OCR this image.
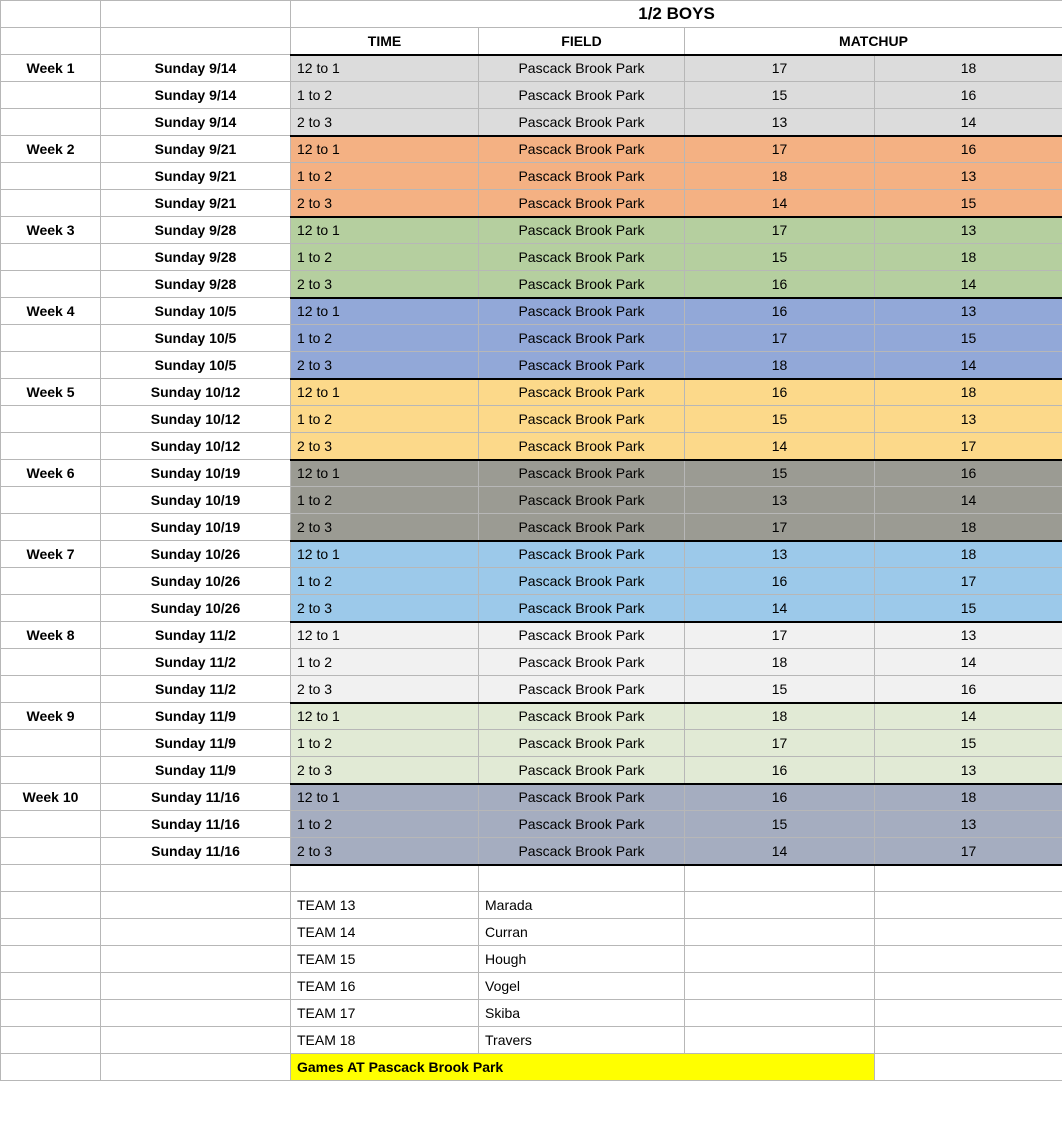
		1/2 BOYS			
		TIME	FIELD	MATCHUP	
Week 1	Sunday 9/14	12 to 1	Pascack Brook Park	17	18
	Sunday 9/14	1 to 2	Pascack Brook Park	15	16
	Sunday 9/14	2 to 3	Pascack Brook Park	13	14
Week 2	Sunday 9/21	12 to 1	Pascack Brook Park	17	16
	Sunday 9/21	1 to 2	Pascack Brook Park	18	13
	Sunday 9/21	2 to 3	Pascack Brook Park	14	15
Week 3	Sunday 9/28	12 to 1	Pascack Brook Park	17	13
	Sunday 9/28	1 to 2	Pascack Brook Park	15	18
	Sunday 9/28	2 to 3	Pascack Brook Park	16	14
Week 4	Sunday 10/5	12 to 1	Pascack Brook Park	16	13
	Sunday 10/5	1 to 2	Pascack Brook Park	17	15
	Sunday 10/5	2 to 3	Pascack Brook Park	18	14
Week 5	Sunday 10/12	12 to 1	Pascack Brook Park	16	18
	Sunday 10/12	1 to 2	Pascack Brook Park	15	13
	Sunday 10/12	2 to 3	Pascack Brook Park	14	17
Week 6	Sunday 10/19	12 to 1	Pascack Brook Park	15	16
	Sunday 10/19	1 to 2	Pascack Brook Park	13	14
	Sunday 10/19	2 to 3	Pascack Brook Park	17	18
Week 7	Sunday 10/26	12 to 1	Pascack Brook Park	13	18
	Sunday 10/26	1 to 2	Pascack Brook Park	16	17
	Sunday 10/26	2 to 3	Pascack Brook Park	14	15
Week 8	Sunday 11/2	12 to 1	Pascack Brook Park	17	13
	Sunday 11/2	1 to 2	Pascack Brook Park	18	14
	Sunday 11/2	2 to 3	Pascack Brook Park	15	16
Week 9	Sunday 11/9	12 to 1	Pascack Brook Park	18	14
	Sunday 11/9	1 to 2	Pascack Brook Park	17	15
	Sunday 11/9	2 to 3	Pascack Brook Park	16	13
Week 10	Sunday 11/16	12 to 1	Pascack Brook Park	16	18
	Sunday 11/16	1 to 2	Pascack Brook Park	15	13
	Sunday 11/16	2 to 3	Pascack Brook Park	14	17

		TEAM 13	Marada		
		TEAM 14	Curran		
		TEAM 15	Hough		
		TEAM 16	Vogel		
		TEAM 17	Skiba		
		TEAM 18	Travers		
		Games AT Pascack Brook Park			
